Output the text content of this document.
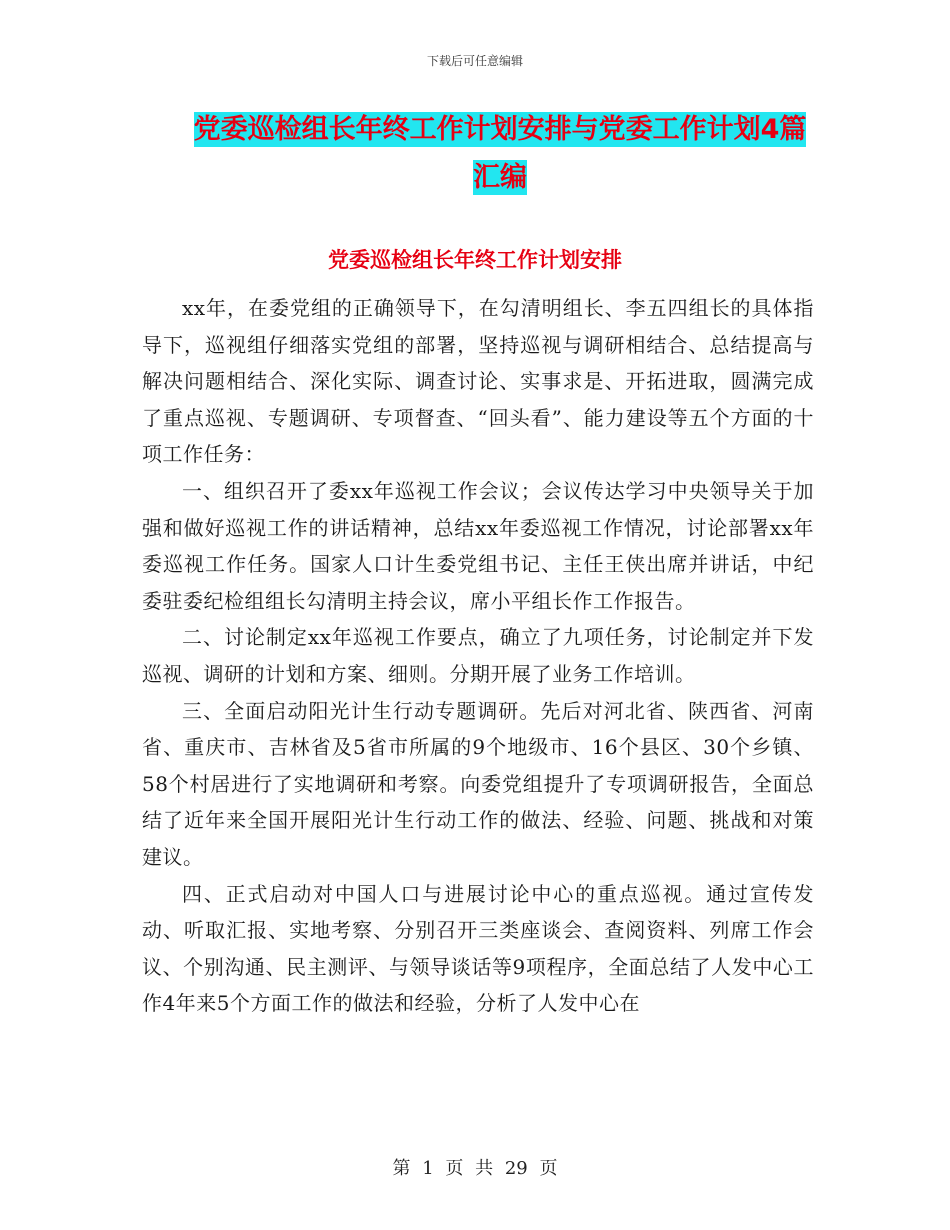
下载后可任意编辑
党委巡检组长年终工作计划安排与党委工作计划4篇
汇编
党委巡检组长年终工作计划安排

xx年，在委党组的正确领导下，在勾清明组长、李五四组长的具体指导下，巡视组仔细落实党组的部署，坚持巡视与调研相结合、总结提高与解决问题相结合、深化实际、调查讨论、实事求是、开拓进取，圆满完成了重点巡视、专题调研、专项督查、“回头看”、能力建设等五个方面的十项工作任务：

一、组织召开了委xx年巡视工作会议；会议传达学习中央领导关于加强和做好巡视工作的讲话精神，总结xx年委巡视工作情况，讨论部署xx年委巡视工作任务。国家人口计生委党组书记、主任王侠出席并讲话，中纪委驻委纪检组组长勾清明主持会议，席小平组长作工作报告。

二、讨论制定xx年巡视工作要点，确立了九项任务，讨论制定并下发巡视、调研的计划和方案、细则。分期开展了业务工作培训。

三、全面启动阳光计生行动专题调研。先后对河北省、陕西省、河南省、重庆市、吉林省及5省市所属的9个地级市、16个县区、30个乡镇、58个村居进行了实地调研和考察。向委党组提升了专项调研报告，全面总结了近年来全国开展阳光计生行动工作的做法、经验、问题、挑战和对策建议。

四、正式启动对中国人口与进展讨论中心的重点巡视。通过宣传发动、听取汇报、实地考察、分别召开三类座谈会、查阅资料、列席工作会议、个别沟通、民主测评、与领导谈话等9项程序，全面总结了人发中心工作4年来5个方面工作的做法和经验，分析了人发中心在

第 1 页 共 29 页
